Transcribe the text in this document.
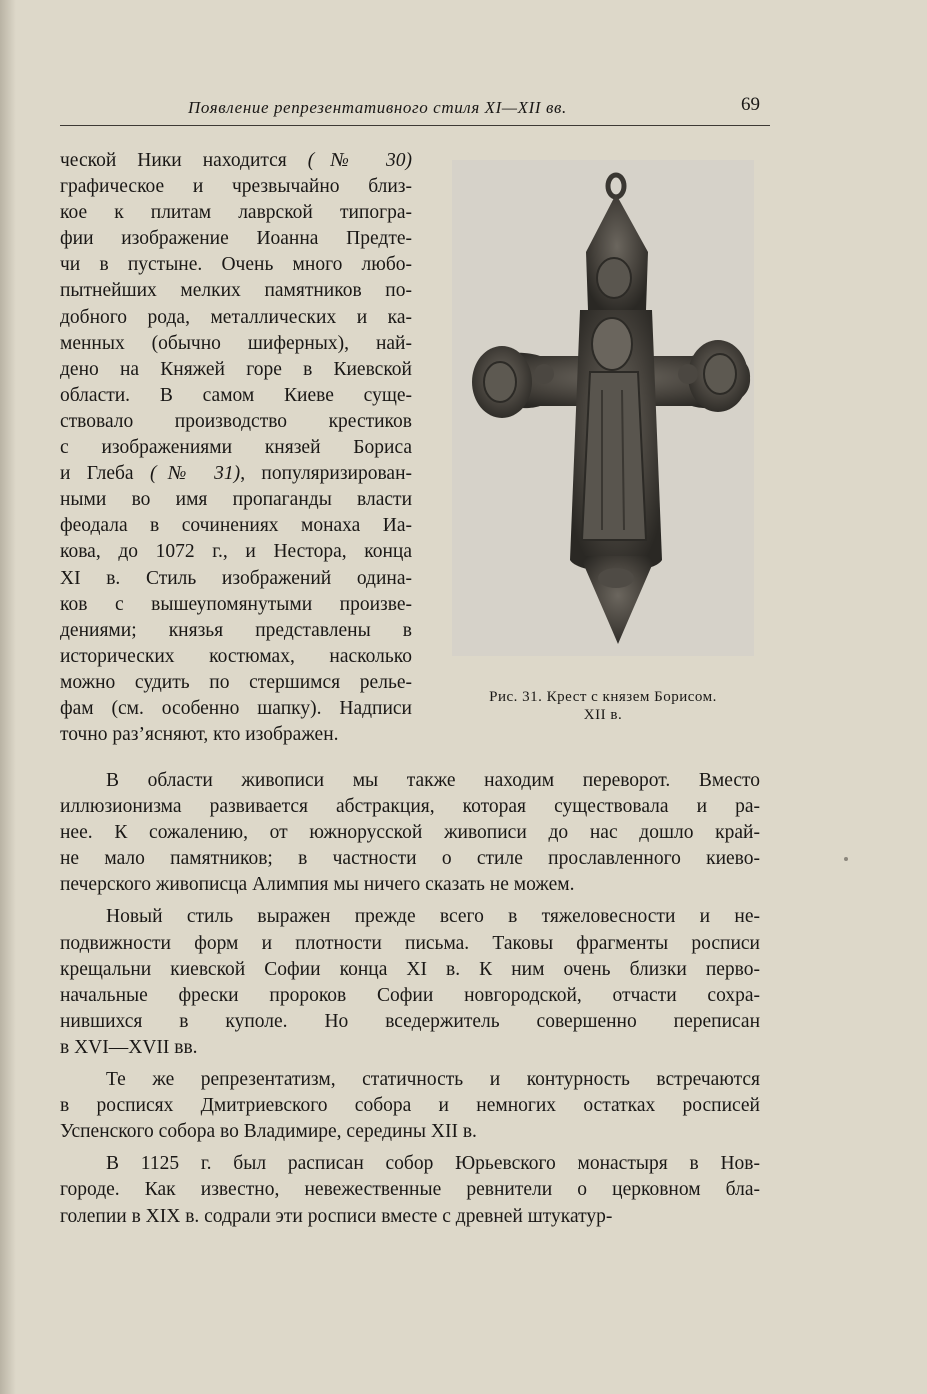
Появление репрезентативного стиля XI—XII вв.	69
ческой Ники находится (№ 30)
графическое и чрезвычайно близ-
кое к плитам лаврской типогра-
фии изображение Иоанна Предте-
чи в пустыне. Очень много любо-
пытнейших мелких памятников по-
добного рода, металлических и ка-
менных (обычно шиферных), най-
дено на Княжей горе в Киевской
области. В самом Киеве суще-
ствовало производство крестиков
с изображениями князей Бориса
и Глеба (№ 31), популяризирован-
ными во имя пропаганды власти
феодала в сочинениях монаха Иа-
кова, до 1072 г., и Нестора, конца
XI в. Стиль изображений одина-
ков с вышеупомянутыми произве-
дениями; князья представлены в
исторических костюмах, насколько
можно судить по стершимся релье-
фам (см. особенно шапку). Надписи
точно раз’ясняют, кто изображен.
Рис. 31. Крест с князем Борисом.
XII в.
В области живописи мы также находим переворот. Вместо
иллюзионизма развивается абстракция, которая существовала и ра-
нее. К сожалению, от южнорусской живописи до нас дошло край-
не мало памятников; в частности о стиле прославленного киево-
печерского живописца Алимпия мы ничего сказать не можем.
Новый стиль выражен прежде всего в тяжеловесности и не-
подвижности форм и плотности письма. Таковы фрагменты росписи
крещальни киевской Софии конца XI в. К ним очень близки перво-
начальные фрески пророков Софии новгородской, отчасти сохра-
нившихся в куполе. Но вседержитель совершенно переписан
в XVI—XVII вв.
Те же репрезентатизм, статичность и контурность встречаются
в росписях Дмитриевского собора и немногих остатках росписей
Успенского собора во Владимире, середины XII в.
В 1125 г. был расписан собор Юрьевского монастыря в Нов-
городе. Как известно, невежественные ревнители о церковном бла-
голепии в XIX в. содрали эти росписи вместе с древней штукатур-
